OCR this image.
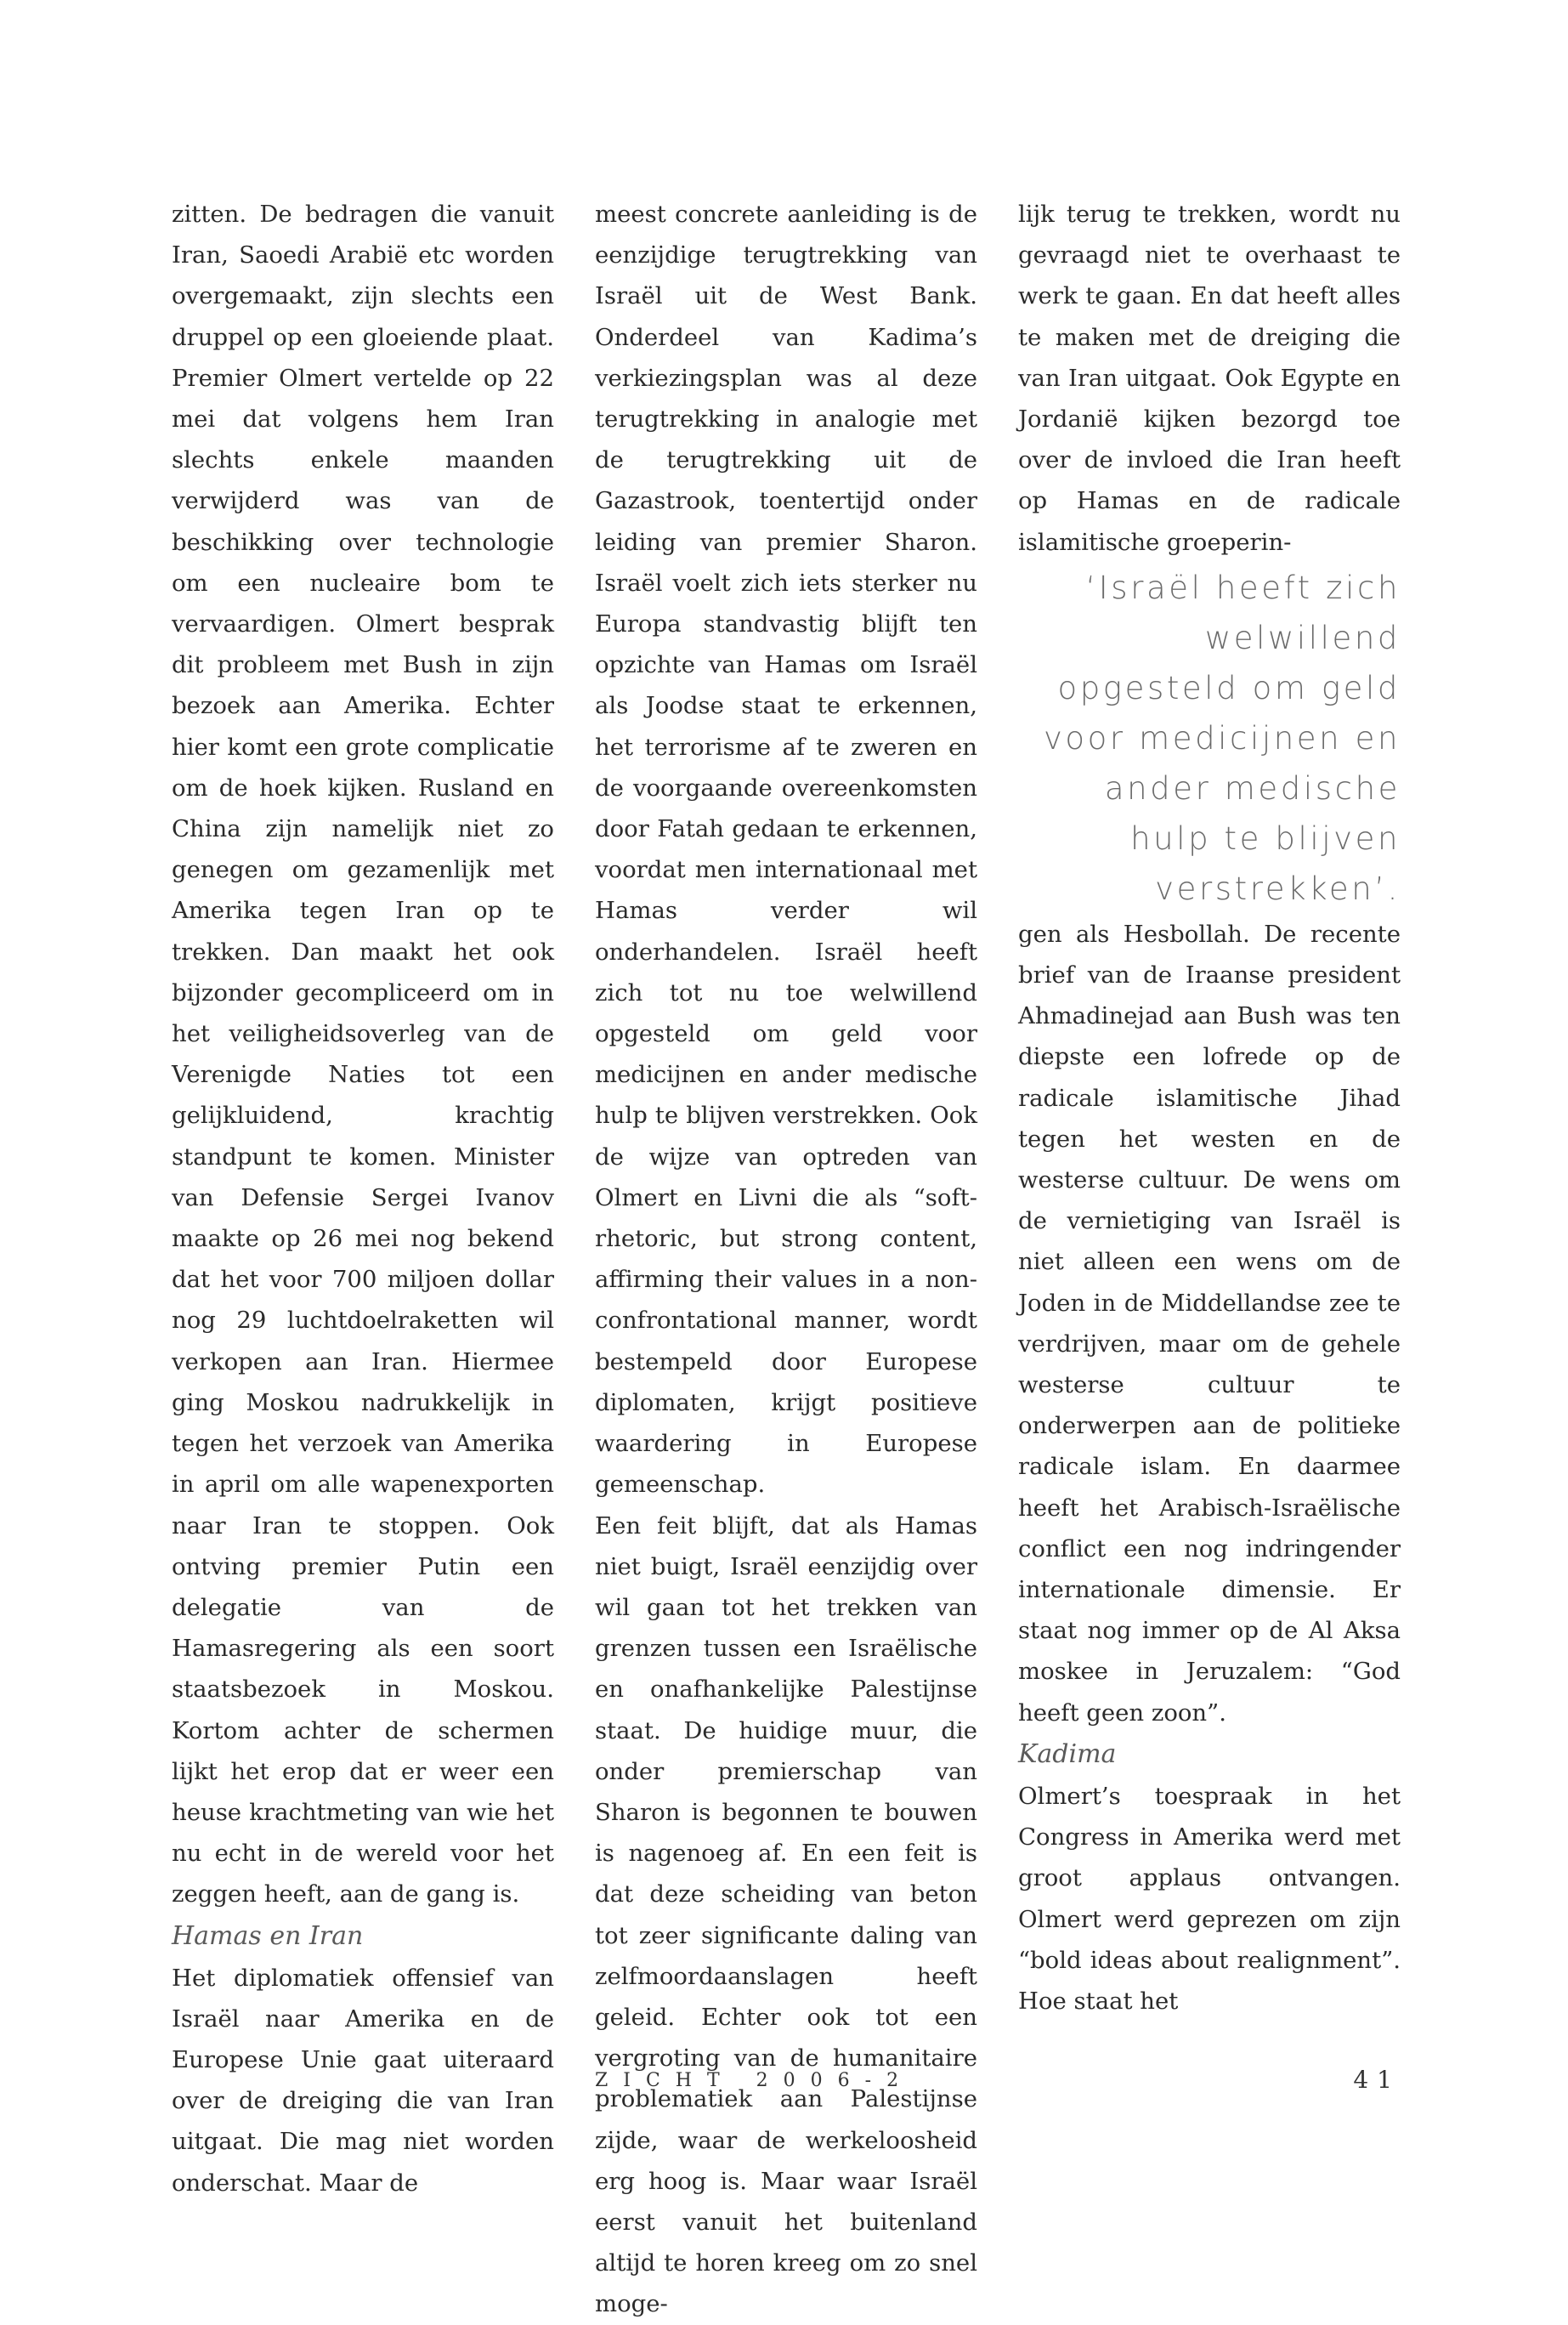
zitten. De bedragen die vanuit Iran, Saoedi Arabië etc worden overgemaakt, zijn slechts een druppel op een gloeiende plaat. Premier Olmert vertelde op 22 mei dat volgens hem Iran slechts enkele maanden verwijderd was van de beschikking over technologie om een nucleaire bom te vervaardigen. Olmert besprak dit probleem met Bush in zijn bezoek aan Amerika. Echter hier komt een grote complicatie om de hoek kijken. Rusland en China zijn namelijk niet zo genegen om gezamenlijk met Amerika tegen Iran op te trekken. Dan maakt het ook bijzonder gecompliceerd om in het veiligheidsoverleg van de Verenigde Naties tot een gelijkluidend, krachtig standpunt te komen. Minister van Defensie Sergei Ivanov maakte op 26 mei nog bekend dat het voor 700 miljoen dollar nog 29 luchtdoelraketten wil verkopen aan Iran. Hiermee ging Moskou nadrukkelijk in tegen het verzoek van Amerika in april om alle wapenexporten naar Iran te stoppen. Ook ontving premier Putin een delegatie van de Hamasregering als een soort staatsbezoek in Moskou. Kortom achter de schermen lijkt het erop dat er weer een heuse krachtmeting van wie het nu echt in de wereld voor het zeggen heeft, aan de gang is.

Hamas en Iran

Het diplomatiek offensief van Israël naar Amerika en de Europese Unie gaat uiteraard over de dreiging die van Iran uitgaat. Die mag niet worden onderschat. Maar de

meest concrete aanleiding is de eenzijdige terugtrekking van Israël uit de West Bank. Onderdeel van Kadima’s verkiezingsplan was al deze terugtrekking in analogie met de terugtrekking uit de Gazastrook, toentertijd onder leiding van premier Sharon. Israël voelt zich iets sterker nu Europa standvastig blijft ten opzichte van Hamas om Israël als Joodse staat te erkennen, het terrorisme af te zweren en de voorgaande overeenkomsten door Fatah gedaan te erkennen, voordat men internationaal met Hamas verder wil onderhandelen. Israël heeft zich tot nu toe welwillend opgesteld om geld voor medicijnen en ander medische hulp te blijven verstrekken. Ook de wijze van optreden van Olmert en Livni die als “soft-rhetoric, but strong content, affirming their values in a non-confrontational manner, wordt bestempeld door Europese diplomaten, krijgt positieve waardering in Europese gemeenschap.

Een feit blijft, dat als Hamas niet buigt, Israël eenzijdig over wil gaan tot het trekken van grenzen tussen een Israëlische en onafhankelijke Palestijnse staat. De huidige muur, die onder premierschap van Sharon is begonnen te bouwen is nagenoeg af. En een feit is dat deze scheiding van beton tot zeer significante daling van zelfmoordaanslagen heeft geleid. Echter ook tot een vergroting van de humanitaire problematiek aan Palestijnse zijde, waar de werkeloosheid erg hoog is. Maar waar Israël eerst vanuit het buitenland altijd te horen kreeg om zo snel moge-

lijk terug te trekken, wordt nu gevraagd niet te overhaast te werk te gaan. En dat heeft alles te maken met de dreiging die van Iran uitgaat. Ook Egypte en Jordanië kijken bezorgd toe over de invloed die Iran heeft op Hamas en de radicale islamitische groeperin-

‘Israël heeft zich welwillend opgesteld om geld voor medicijnen en ander medische hulp te blijven verstrekken’.

gen als Hesbollah. De recente brief van de Iraanse president Ahmadinejad aan Bush was ten diepste een lofrede op de radicale islamitische Jihad tegen het westen en de westerse cultuur. De wens om de vernietiging van Israël is niet alleen een wens om de Joden in de Middellandse zee te verdrijven, maar om de gehele westerse cultuur te onderwerpen aan de politieke radicale islam. En daarmee heeft het Arabisch-Israëlische conflict een nog indringender internationale dimensie. Er staat nog immer op de Al Aksa moskee in Jeruzalem: “God heeft geen zoon”.

Kadima

Olmert’s toespraak in het Congress in Amerika werd met groot applaus ontvangen. Olmert werd geprezen om zijn “bold ideas about realignment”. Hoe staat het

ZICHT 2006-2	41
